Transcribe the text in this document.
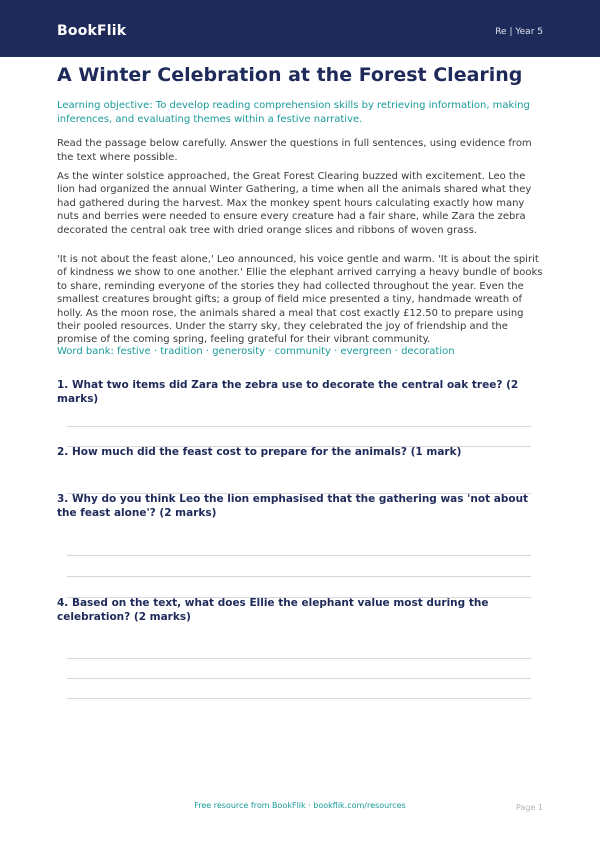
BookFlik	Re | Year 5
A Winter Celebration at the Forest Clearing
Learning objective: To develop reading comprehension skills by retrieving information, making inferences, and evaluating themes within a festive narrative.
Read the passage below carefully. Answer the questions in full sentences, using evidence from the text where possible.
As the winter solstice approached, the Great Forest Clearing buzzed with excitement. Leo the lion had organized the annual Winter Gathering, a time when all the animals shared what they had gathered during the harvest. Max the monkey spent hours calculating exactly how many nuts and berries were needed to ensure every creature had a fair share, while Zara the zebra decorated the central oak tree with dried orange slices and ribbons of woven grass.
'It is not about the feast alone,' Leo announced, his voice gentle and warm. 'It is about the spirit of kindness we show to one another.' Ellie the elephant arrived carrying a heavy bundle of books to share, reminding everyone of the stories they had collected throughout the year. Even the smallest creatures brought gifts; a group of field mice presented a tiny, handmade wreath of holly. As the moon rose, the animals shared a meal that cost exactly £12.50 to prepare using their pooled resources. Under the starry sky, they celebrated the joy of friendship and the promise of the coming spring, feeling grateful for their vibrant community.
Word bank: festive · tradition · generosity · community · evergreen · decoration
1. What two items did Zara the zebra use to decorate the central oak tree? (2 marks)
2. How much did the feast cost to prepare for the animals? (1 mark)
3. Why do you think Leo the lion emphasised that the gathering was 'not about the feast alone'? (2 marks)
4. Based on the text, what does Ellie the elephant value most during the celebration? (2 marks)
Free resource from BookFlik · bookflik.com/resources	Page 1
